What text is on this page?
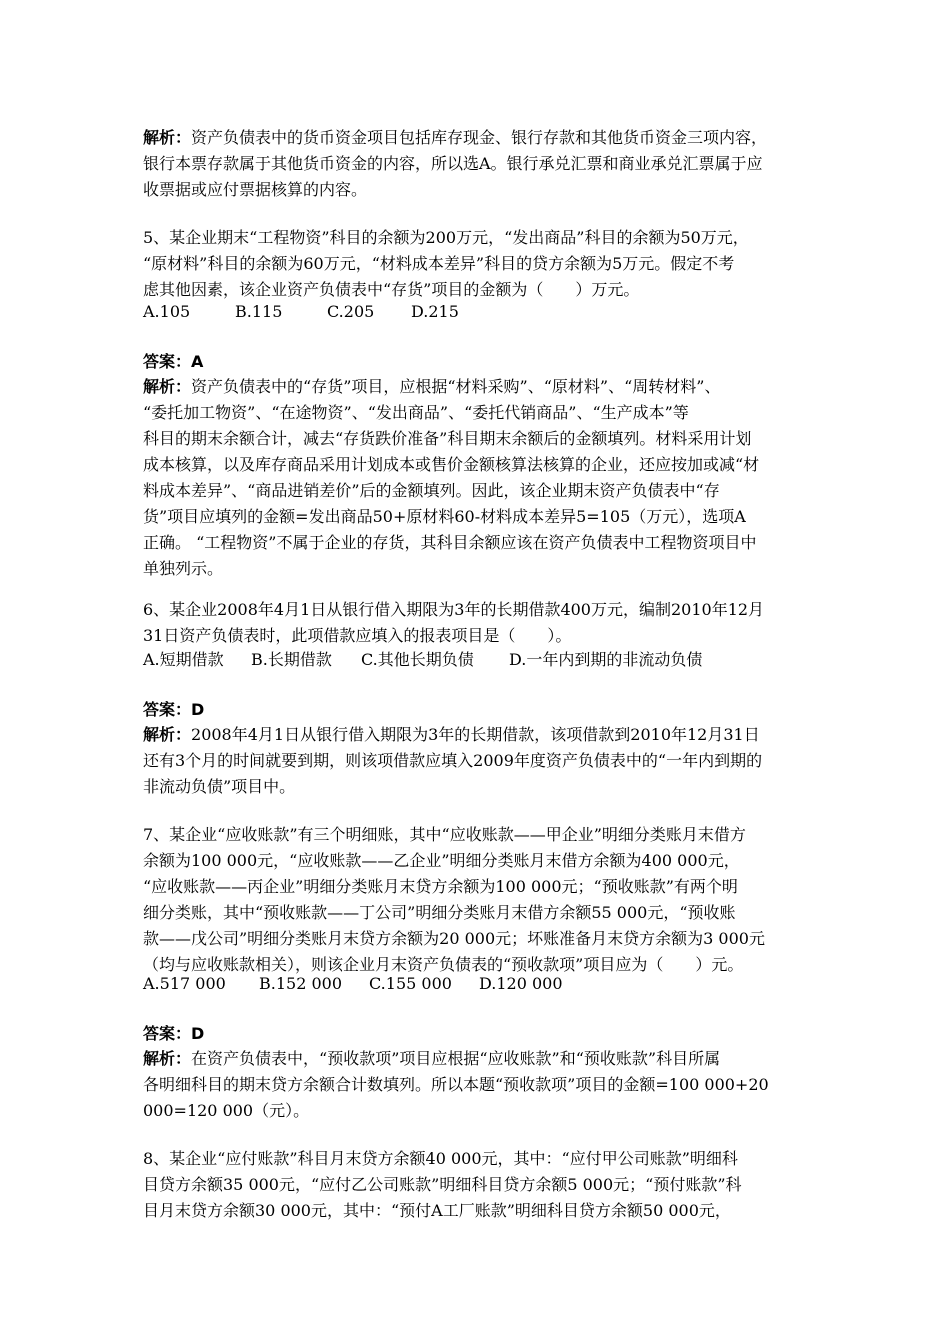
解析：资产负债表中的货币资金项目包括库存现金、银行存款和其他货币资金三项内容，
银行本票存款属于其他货币资金的内容，所以选A。银行承兑汇票和商业承兑汇票属于应
收票据或应付票据核算的内容。
5、某企业期末“工程物资”科目的余额为200万元，“发出商品”科目的余额为50万元，
“原材料”科目的余额为60万元，“材料成本差异”科目的贷方余额为5万元。假定不考
虑其他因素，该企业资产负债表中“存货”项目的金额为（　　）万元。
A.105	B.115	C.205 D.215
答案：A
解析：资产负债表中的“存货”项目，应根据“材料采购”、“原材料”、“周转材料”、
“委托加工物资”、“在途物资”、“发出商品”、“委托代销商品”、“生产成本”等
科目的期末余额合计，减去“存货跌价准备”科目期末余额后的金额填列。材料采用计划
成本核算，以及库存商品采用计划成本或售价金额核算法核算的企业，还应按加或减“材
料成本差异”、“商品进销差价”后的金额填列。因此，该企业期末资产负债表中“存
货”项目应填列的金额=发出商品50+原材料60-材料成本差异5=105（万元），选项A
正确。 “工程物资”不属于企业的存货，其科目余额应该在资产负债表中工程物资项目中
单独列示。
6、某企业2008年4月1日从银行借入期限为3年的长期借款400万元，编制2010年12月
31日资产负债表时，此项借款应填入的报表项目是（　　）。
A.短期借款 B.长期借款 C.其他长期负债 D.一年内到期的非流动负债
答案：D
解析：2008年4月1日从银行借入期限为3年的长期借款，该项借款到2010年12月31日
还有3个月的时间就要到期，则该项借款应填入2009年度资产负债表中的“一年内到期的
非流动负债”项目中。
7、某企业“应收账款”有三个明细账，其中“应收账款——甲企业”明细分类账月末借方
余额为100 000元，“应收账款——乙企业”明细分类账月末借方余额为400 000元，
“应收账款——丙企业”明细分类账月末贷方余额为100 000元；“预收账款”有两个明
细分类账，其中“预收账款——丁公司”明细分类账月末借方余额55 000元，“预收账
款——戊公司”明细分类账月末贷方余额为20 000元；坏账准备月末贷方余额为3 000元
（均与应收账款相关），则该企业月末资产负债表的“预收款项”项目应为（　　）元。
A.517 000 B.152 000 C.155 000 D.120 000
答案：D
解析：在资产负债表中，“预收款项”项目应根据“应收账款”和“预收账款”科目所属
各明细科目的期末贷方余额合计数填列。所以本题“预收款项”项目的金额=100 000+20
000=120 000（元）。
8、某企业“应付账款”科目月末贷方余额40 000元，其中：“应付甲公司账款”明细科
目贷方余额35 000元，“应付乙公司账款”明细科目贷方余额5 000元；“预付账款”科
目月末贷方余额30 000元，其中：“预付A工厂账款”明细科目贷方余额50 000元，
